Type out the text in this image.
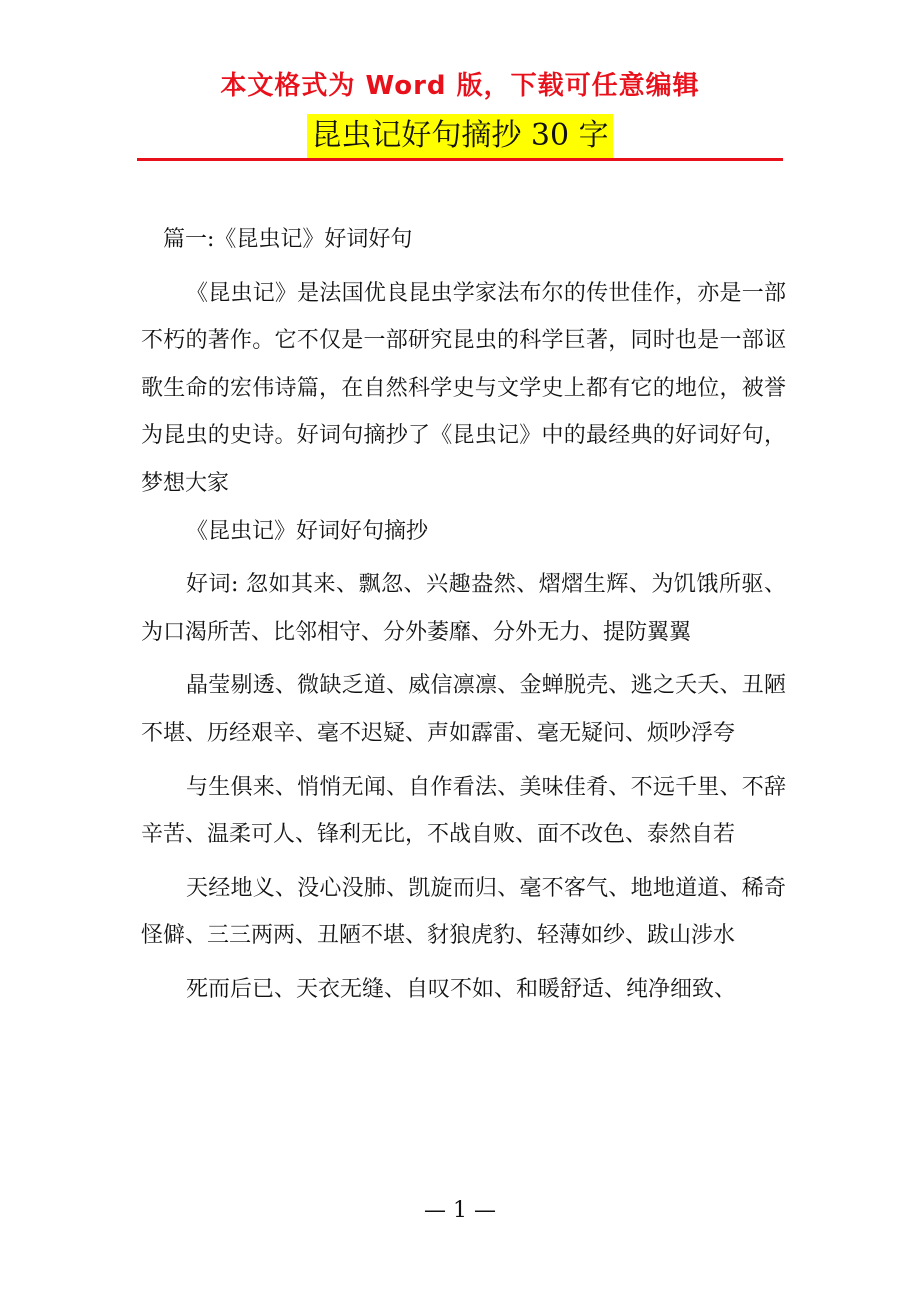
本文格式为 Word 版，下载可任意编辑
昆虫记好句摘抄 30 字

篇一:《昆虫记》好词好句

《昆虫记》是法国优良昆虫学家法布尔的传世佳作，亦是一部不朽的著作。它不仅是一部研究昆虫的科学巨著，同时也是一部讴歌生命的宏伟诗篇，在自然科学史与文学史上都有它的地位，被誉为昆虫的史诗。好词句摘抄了《昆虫记》中的最经典的好词好句，梦想大家

《昆虫记》好词好句摘抄

好词: 忽如其来、飘忽、兴趣盎然、熠熠生辉、为饥饿所驱、为口渴所苦、比邻相守、分外萎靡、分外无力、提防翼翼

晶莹剔透、微缺乏道、威信凛凛、金蝉脱壳、逃之夭夭、丑陋不堪、历经艰辛、毫不迟疑、声如霹雷、毫无疑问、烦吵浮夸

与生俱来、悄悄无闻、自作看法、美味佳肴、不远千里、不辞辛苦、温柔可人、锋利无比，不战自败、面不改色、泰然自若

天经地义、没心没肺、凯旋而归、毫不客气、地地道道、稀奇怪僻、三三两两、丑陋不堪、豺狼虎豹、轻薄如纱、跋山涉水

死而后已、天衣无缝、自叹不如、和暖舒适、纯净细致、

— 1 —
